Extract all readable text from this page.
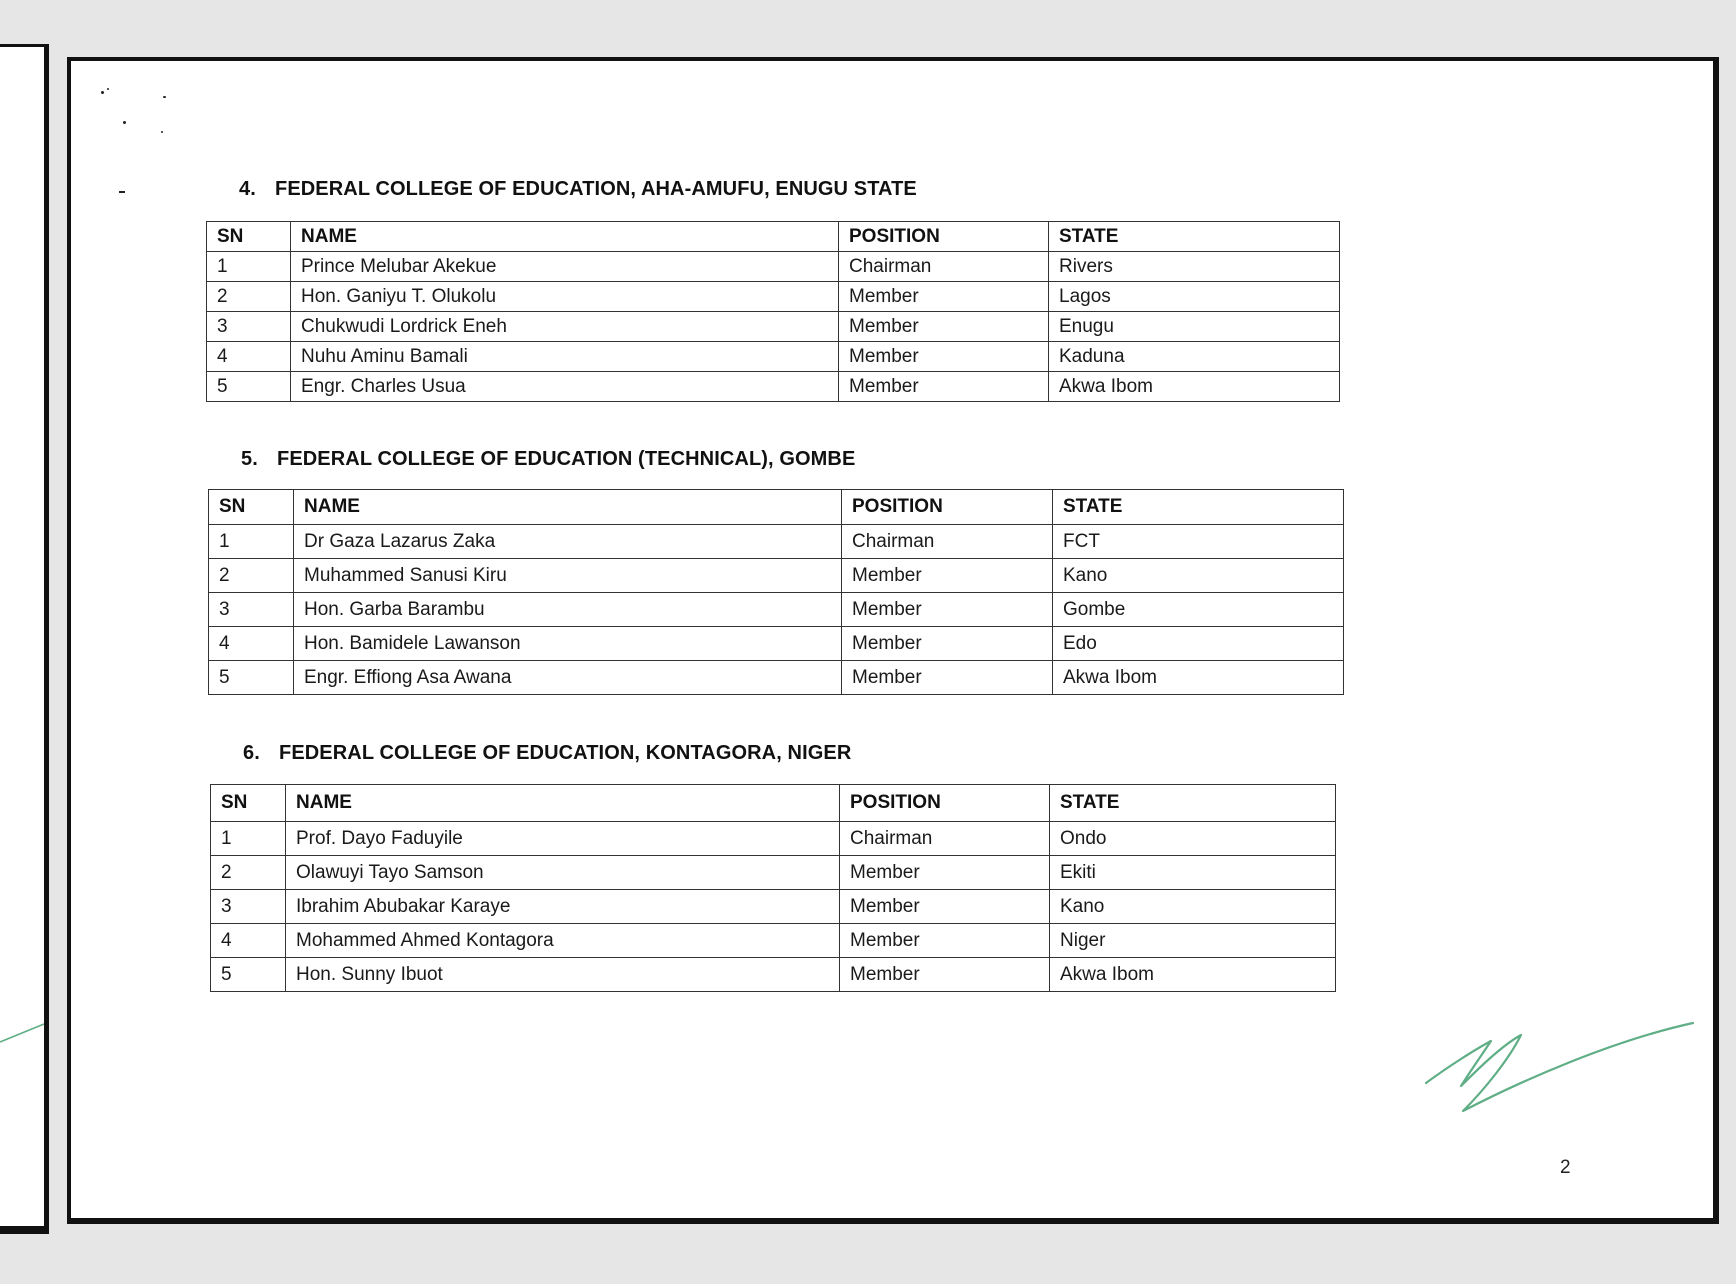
4. FEDERAL COLLEGE OF EDUCATION, AHA-AMUFU, ENUGU STATE
SN	NAME	POSITION	STATE
1	Prince Melubar Akekue	Chairman	Rivers
2	Hon. Ganiyu T. Olukolu	Member	Lagos
3	Chukwudi Lordrick Eneh	Member	Enugu
4	Nuhu Aminu Bamali	Member	Kaduna
5	Engr. Charles Usua	Member	Akwa Ibom
5. FEDERAL COLLEGE OF EDUCATION (TECHNICAL), GOMBE
SN	NAME	POSITION	STATE
1	Dr Gaza Lazarus Zaka	Chairman	FCT
2	Muhammed Sanusi Kiru	Member	Kano
3	Hon. Garba Barambu	Member	Gombe
4	Hon. Bamidele Lawanson	Member	Edo
5	Engr. Effiong Asa Awana	Member	Akwa Ibom
6. FEDERAL COLLEGE OF EDUCATION, KONTAGORA, NIGER
SN	NAME	POSITION	STATE
1	Prof. Dayo Faduyile	Chairman	Ondo
2	Olawuyi Tayo Samson	Member	Ekiti
3	Ibrahim Abubakar Karaye	Member	Kano
4	Mohammed Ahmed Kontagora	Member	Niger
5	Hon. Sunny Ibuot	Member	Akwa Ibom
2
